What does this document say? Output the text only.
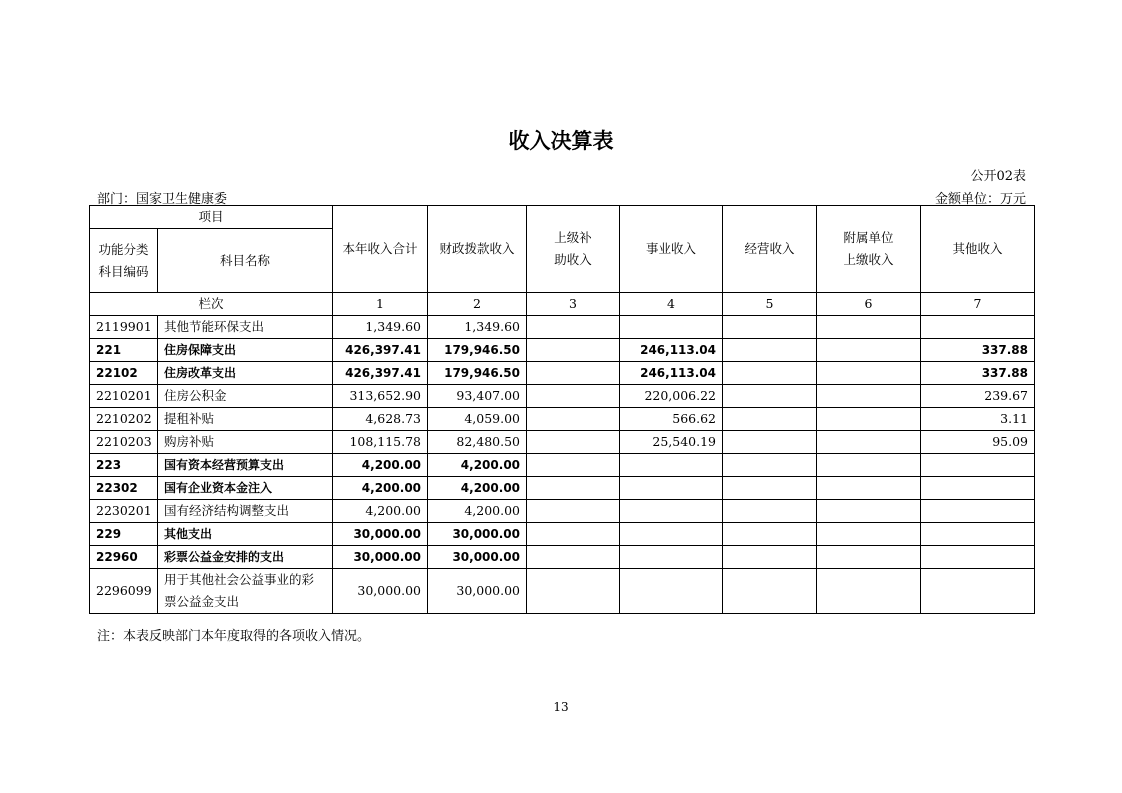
收入决算表
公开02表
部门：国家卫生健康委	金额单位：万元
项目		本年收入合计	财政拨款收入	上级补助收入	事业收入	经营收入	附属单位上缴收入	其他收入

功能分类科目编码	科目名称							
栏次		1	2	3	4	5	6	7
2119901	其他节能环保支出	1,349.60	1,349.60					
221	住房保障支出	426,397.41	179,946.50		246,113.04			337.88
22102	住房改革支出	426,397.41	179,946.50		246,113.04			337.88
2210201	住房公积金	313,652.90	93,407.00		220,006.22			239.67
2210202	提租补贴	4,628.73	4,059.00		566.62			3.11
2210203	购房补贴	108,115.78	82,480.50		25,540.19			95.09
223	国有资本经营预算支出	4,200.00	4,200.00					
22302	国有企业资本金注入	4,200.00	4,200.00					
2230201	国有经济结构调整支出	4,200.00	4,200.00					
229	其他支出	30,000.00	30,000.00					
22960	彩票公益金安排的支出	30,000.00	30,000.00					
2296099	用于其他社会公益事业的彩票公益金支出	30,000.00	30,000.00					
注：本表反映部门本年度取得的各项收入情况。
13
